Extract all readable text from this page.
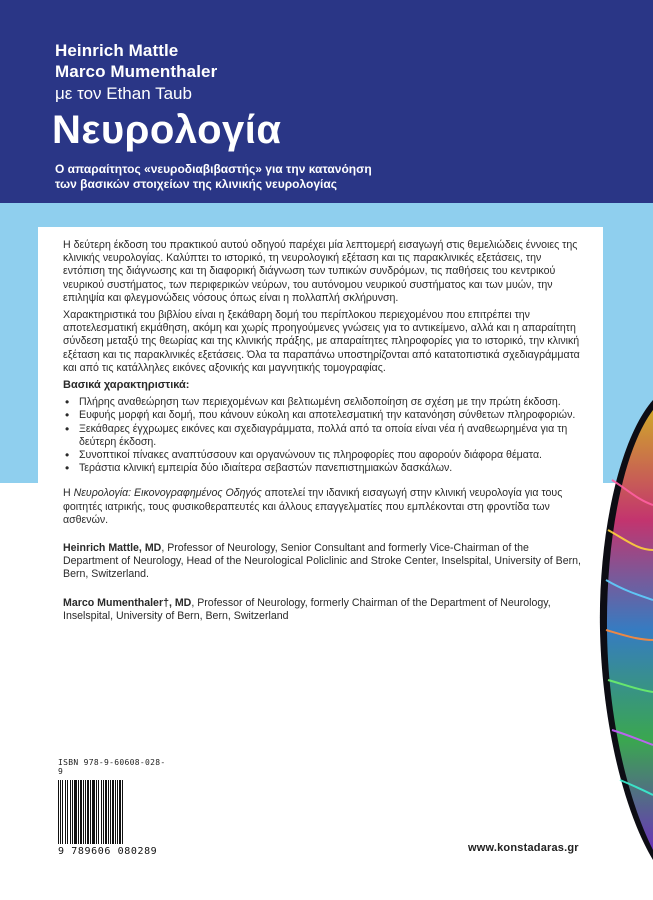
Heinrich Mattle
Marco Mumenthaler
με τον Ethan Taub
Νευρολογία
Ο απαραίτητος «νευροδιαβιβαστής» για την κατανόηση
των βασικών στοιχείων της κλινικής νευρολογίας

Η δεύτερη έκδοση του πρακτικού αυτού οδηγού παρέχει μία λεπτομερή εισαγωγή στις θεμελιώδεις έννοιες της κλινικής νευρολογίας. Καλύπτει το ιστορικό, τη νευρολογική εξέταση και τις παρακλινικές εξετάσεις, την εντόπιση της διάγνωσης και τη διαφορική διάγνωση των τυπικών συνδρόμων, τις παθήσεις του κεντρικού νευρικού συστήματος, των περιφερικών νεύρων, του αυτόνομου νευρικού συστήματος και των μυών, την επιληψία και φλεγμονώδεις νόσους όπως είναι η πολλαπλή σκλήρυνση.

Χαρακτηριστικά του βιβλίου είναι η ξεκάθαρη δομή του περίπλοκου περιεχομένου που επιτρέπει την αποτελεσματική εκμάθηση, ακόμη και χωρίς προηγούμενες γνώσεις για το αντικείμενο, αλλά και η απαραίτητη σύνδεση μεταξύ της θεωρίας και της κλινικής πράξης, με απαραίτητες πληροφορίες για το ιστορικό, την κλινική εξέταση και τις παρακλινικές εξετάσεις. Όλα τα παραπάνω υποστηρίζονται από κατατοπιστικά σχεδιαγράμματα και από τις κατάλληλες εικόνες αξονικής και μαγνητικής τομογραφίας.

Βασικά χαρακτηριστικά:

• Πλήρης αναθεώρηση των περιεχομένων και βελτιωμένη σελιδοποίηση σε σχέση με την πρώτη έκδοση.
• Ευφυής μορφή και δομή, που κάνουν εύκολη και αποτελεσματική την κατανόηση σύνθετων πληροφοριών.
• Ξεκάθαρες έγχρωμες εικόνες και σχεδιαγράμματα, πολλά από τα οποία είναι νέα ή αναθεωρημένα για τη δεύτερη έκδοση.
• Συνοπτικοί πίνακες αναπτύσσουν και οργανώνουν τις πληροφορίες που αφορούν διάφορα θέματα.
• Τεράστια κλινική εμπειρία δύο ιδιαίτερα σεβαστών πανεπιστημιακών δασκάλων.

Η Νευρολογία: Εικονογραφημένος Οδηγός αποτελεί την ιδανική εισαγωγή στην κλινική νευρολογία για τους φοιτητές ιατρικής, τους φυσικοθεραπευτές και άλλους επαγγελματίες που εμπλέκονται στη φροντίδα των ασθενών.

Heinrich Mattle, MD, Professor of Neurology, Senior Consultant and formerly Vice-Chairman of the Department of Neurology, Head of the Neurological Policlinic and Stroke Center, Inselspital, University of Bern, Bern, Switzerland.

Marco Mumenthaler†, MD, Professor of Neurology, formerly Chairman of the Department of Neurology, Inselspital, University of Bern, Bern, Switzerland

ISBN 978-9-60608-028-9
9 789606 080289	www.konstadaras.gr
